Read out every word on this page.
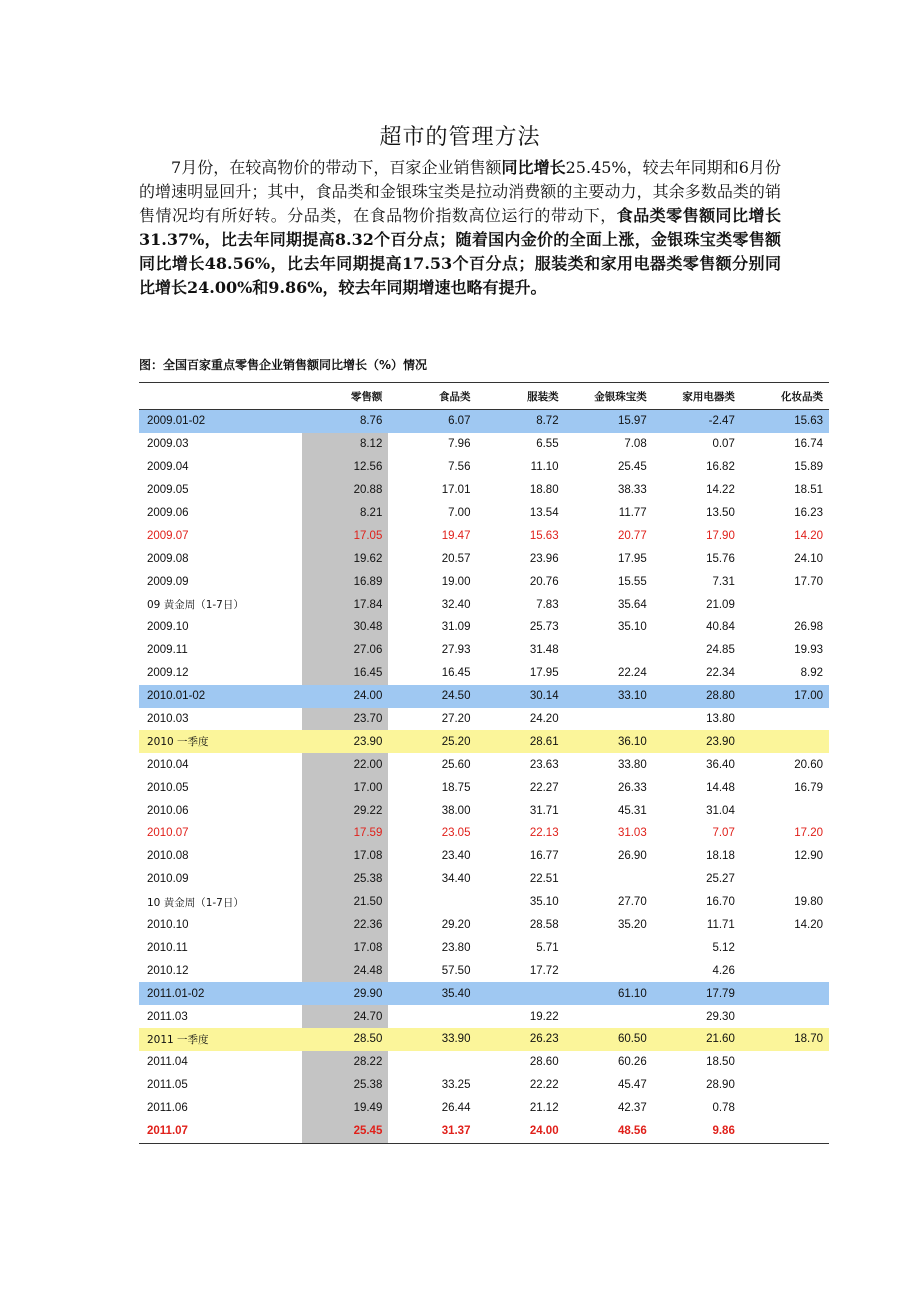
超市的管理方法

7月份，在较高物价的带动下，百家企业销售额同比增长25.45%，较去年同期和6月份的增速明显回升；其中，食品类和金银珠宝类是拉动消费额的主要动力，其余多数品类的销售情况均有所好转。分品类，在食品物价指数高位运行的带动下，食品类零售额同比增长31.37%，比去年同期提高8.32个百分点；随着国内金价的全面上涨，金银珠宝类零售额同比增长48.56%，比去年同期提高17.53个百分点；服装类和家用电器类零售额分别同比增长24.00%和9.86%，较去年同期增速也略有提升。

图：全国百家重点零售企业销售额同比增长（%）情况
	零售额	食品类	服装类	金银珠宝类	家用电器类	化妆品类
2009.01-02	8.76	6.07	8.72	15.97	-2.47	15.63
2009.03	8.12	7.96	6.55	7.08	0.07	16.74
2009.04	12.56	7.56	11.10	25.45	16.82	15.89
2009.05	20.88	17.01	18.80	38.33	14.22	18.51
2009.06	8.21	7.00	13.54	11.77	13.50	16.23
2009.07	17.05	19.47	15.63	20.77	17.90	14.20
2009.08	19.62	20.57	23.96	17.95	15.76	24.10
2009.09	16.89	19.00	20.76	15.55	7.31	17.70
09 黄金周（1-7日）	17.84	32.40	7.83	35.64	21.09	
2009.10	30.48	31.09	25.73	35.10	40.84	26.98
2009.11	27.06	27.93	31.48		24.85	19.93
2009.12	16.45	16.45	17.95	22.24	22.34	8.92
2010.01-02	24.00	24.50	30.14	33.10	28.80	17.00
2010.03	23.70	27.20	24.20		13.80	
2010 一季度	23.90	25.20	28.61	36.10	23.90	
2010.04	22.00	25.60	23.63	33.80	36.40	20.60
2010.05	17.00	18.75	22.27	26.33	14.48	16.79
2010.06	29.22	38.00	31.71	45.31	31.04	
2010.07	17.59	23.05	22.13	31.03	7.07	17.20
2010.08	17.08	23.40	16.77	26.90	18.18	12.90
2010.09	25.38	34.40	22.51		25.27	
10 黄金周（1-7日）	21.50		35.10	27.70	16.70	19.80
2010.10	22.36	29.20	28.58	35.20	11.71	14.20
2010.11	17.08	23.80	5.71		5.12	
2010.12	24.48	57.50	17.72		4.26	
2011.01-02	29.90	35.40		61.10	17.79	
2011.03	24.70		19.22		29.30	
2011 一季度	28.50	33.90	26.23	60.50	21.60	18.70
2011.04	28.22		28.60	60.26	18.50	
2011.05	25.38	33.25	22.22	45.47	28.90	
2011.06	19.49	26.44	21.12	42.37	0.78	
2011.07	25.45	31.37	24.00	48.56	9.86	
